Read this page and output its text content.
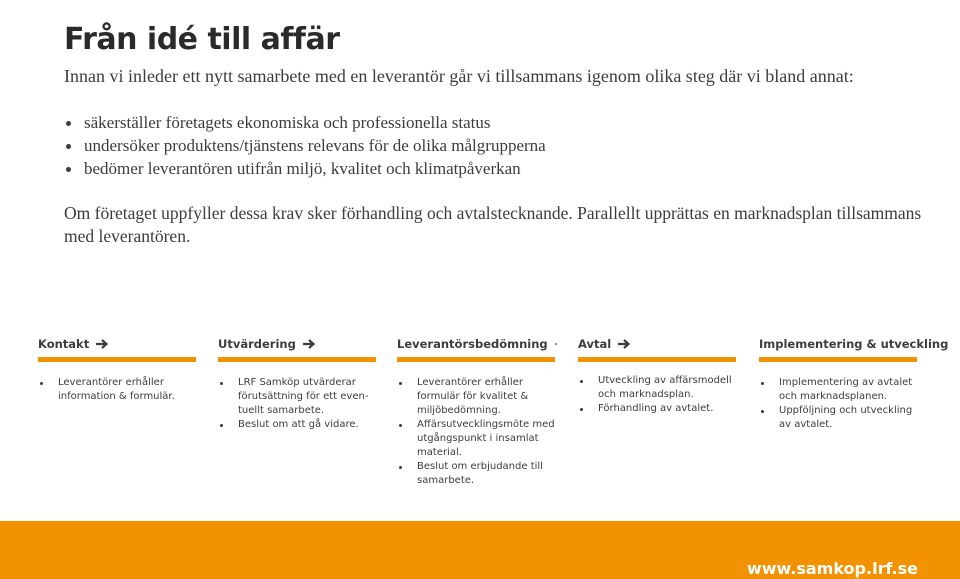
Från idé till affär
Innan vi inleder ett nytt samarbete med en leverantör går vi tillsammans igenom olika steg där vi bland annat:
säkerställer företagets ekonomiska och professionella status
undersöker produktens/tjänstens relevans för de olika målgrupperna
bedömer leverantören utifrån miljö, kvalitet och klimatpåverkan
Om företaget uppfyller dessa krav sker förhandling och avtalstecknande. Parallellt upprättas en marknadsplan tillsammans med leverantören.
Kontakt
Leverantörer erhåller information & formulär.
Utvärdering
LRF Samköp utvärderar förutsättning för ett even-tuellt samarbete.
Beslut om att gå vidare.
Leverantörsbedömning
Leverantörer erhåller formulär för kvalitet & miljöbedömning.
Affärsutvecklingsmöte med utgångspunkt i insamlat material.
Beslut om erbjudande till samarbete.
Avtal
Utveckling av affärsmodell och marknadsplan.
Förhandling av avtalet.
Implementering & utveckling
Implementering av avtalet och marknadsplanen.
Uppföljning och utveckling av avtalet.
www.samkop.lrf.se
